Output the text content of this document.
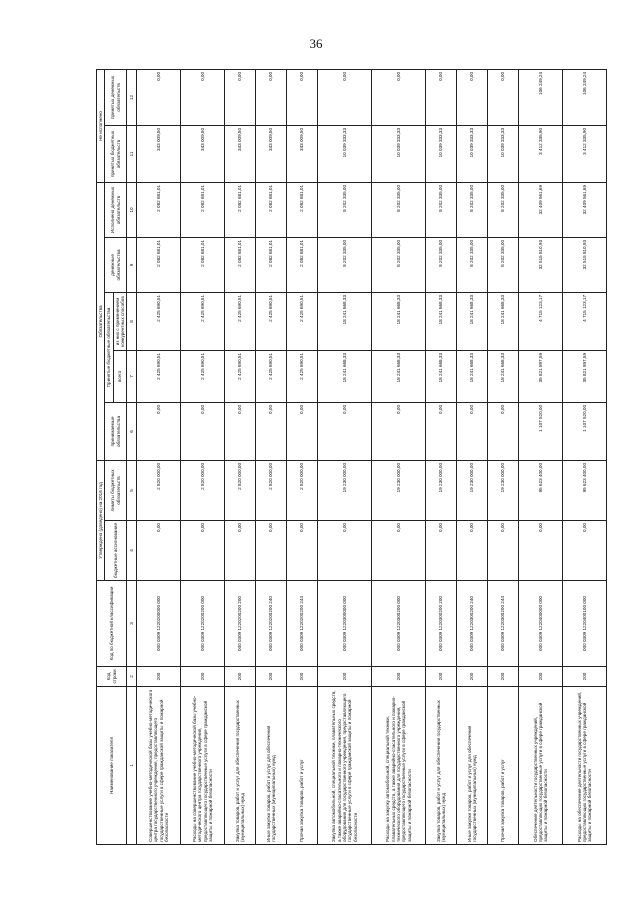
36
Наименование показателя	Код строки	Код по бюджетной классификации	Утверждено (доведено) на 2016 год		Обязательства					Не исполнено	
			бюджетные ассигнования	лимиты бюджетных обязательств	принимаемые обязательства	Принятые бюджетные обязательства		денежные обязательства	Исполнено денежных обязательств	принятых бюджетных обязательств	принятых денежных обязательств
						всего	из них с применением конкурентных способов				
1	2	3	4	5	6	7	8	9	10	11	12
Совершенствование учебно-методической базы учебно-методического центра государственного учреждения, предоставляющего государственные услуги в сфере гражданской защиты и пожарной безопасности	200	000 0309 1220200000 000	0,00	2 820 000,00	0,00	2 425 690,51	2 425 690,51	2 082 681,01	2 082 681,01	343 009,50	0,00
Расходы на совершенствование учебно-методической базы учебно-методического центра государственного учреждения, предоставляющего государственные услуги в сфере гражданской защиты и пожарной безопасности	200	000 0309 1220200200 000	0,00	2 820 000,00	0,00	2 425 690,51	2 425 690,51	2 082 681,01	2 082 681,01	343 009,50	0,00
Закупка товаров, работ и услуг для обеспечения государственных (муниципальных) нужд	200	000 0309 1220200200 200	0,00	2 820 000,00	0,00	2 425 690,51	2 425 690,51	2 082 681,01	2 082 681,01	343 009,50	0,00
Иные закупки товаров, работ и услуг для обеспечения государственных (муниципальных) нужд	200	000 0309 1220200200 240	0,00	2 820 000,00	0,00	2 425 690,51	2 425 690,51	2 082 681,01	2 082 681,01	343 009,50	0,00
Прочая закупка товаров, работ и услуг	200	000 0309 1220200200 244	0,00	2 820 000,00	0,00	2 425 690,51	2 425 690,51	2 082 681,01	2 082 681,01	343 009,50	0,00
Закупка автомобильной, специальной техники, плавательных средств, а также аварийно-спасательного и пожарно-технического оборудования для государственного учреждения, предоставляющего государственные услуги в сфере гражданской защиты и пожарной безопасности	200	000 0309 1220300000 000	0,00	19 230 000,00	0,00	18 241 668,33	18 241 668,33	8 202 335,00	8 202 335,00	10 039 333,33	0,00
Расходы на закупку автомобильной, специальной техники, плавательных средств, а также аварийно-спасательного и пожарно-технического оборудования для государственного учреждения, предоставляющего государственные услуги в сфере гражданской защиты и пожарной безопасности	200	000 0309 1220300200 000	0,00	19 230 000,00	0,00	18 241 668,33	18 241 668,33	8 202 335,00	8 202 335,00	10 039 333,33	0,00
Закупка товаров, работ и услуг для обеспечения государственных (муниципальных) нужд	200	000 0309 1220300200 200	0,00	19 230 000,00	0,00	18 241 668,33	18 241 668,33	8 202 335,00	8 202 335,00	10 039 333,33	0,00
Иные закупки товаров, работ и услуг для обеспечения государственных (муниципальных) нужд	200	000 0309 1220300200 240	0,00	19 230 000,00	0,00	18 241 668,33	18 241 668,33	8 202 335,00	8 202 335,00	10 039 333,33	0,00
Прочая закупка товаров, работ и услуг	200	000 0309 1220300200 244	0,00	19 230 000,00	0,00	18 241 668,33	18 241 668,33	8 202 335,00	8 202 335,00	10 039 333,33	0,00
Обеспечение деятельности государственных учреждений, предоставляющих государственные услуги в сфере гражданской защиты и пожарной безопасности	200	000 0309 1220400000 000	0,00	95 623 400,00	1 107 520,00	35 821 897,59	4 715 123,17	32 515 810,93	32 409 561,69	3 412 335,90	106 249,24
Расходы на обеспечение деятельности государственных учреждений, предоставляющих государственные услуги в сфере гражданской защиты и пожарной безопасности	200	000 0309 1220400100 000	0,00	95 623 400,00	1 107 520,00	35 821 897,59	4 715 123,17	32 515 810,93	32 409 561,69	3 412 335,90	106 249,24
